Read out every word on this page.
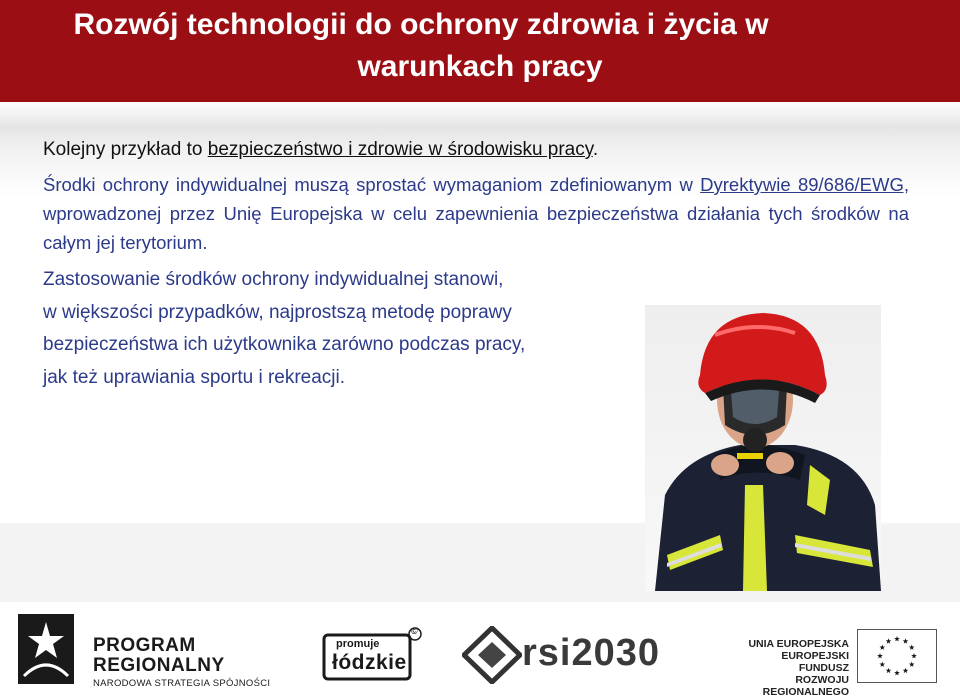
Rozwój technologii do ochrony zdrowia i życia w
warunkach pracy
Kolejny przykład to bezpieczeństwo i zdrowie w środowisku pracy.
Środki ochrony indywidualnej muszą sprostać wymaganiom zdefiniowanym w Dyrektywie 89/686/EWG, wprowadzonej przez Unię Europejska w celu zapewnienia bezpieczeństwa działania tych środków na całym jej terytorium.
Zastosowanie środków ochrony indywidualnej stanowi,
w większości przypadków, najprostszą metodę poprawy
bezpieczeństwa ich użytkownika zarówno podczas pracy,
jak też uprawiania sportu i rekreacji.
PROGRAM
REGIONALNY
NARODOWA STRATEGIA SPÓJNOŚCI
promuje
łódzkie
©
rsi2030	UNIA EUROPEJSKA
EUROPEJSKI FUNDUSZ
ROZWOJU REGIONALNEGO
